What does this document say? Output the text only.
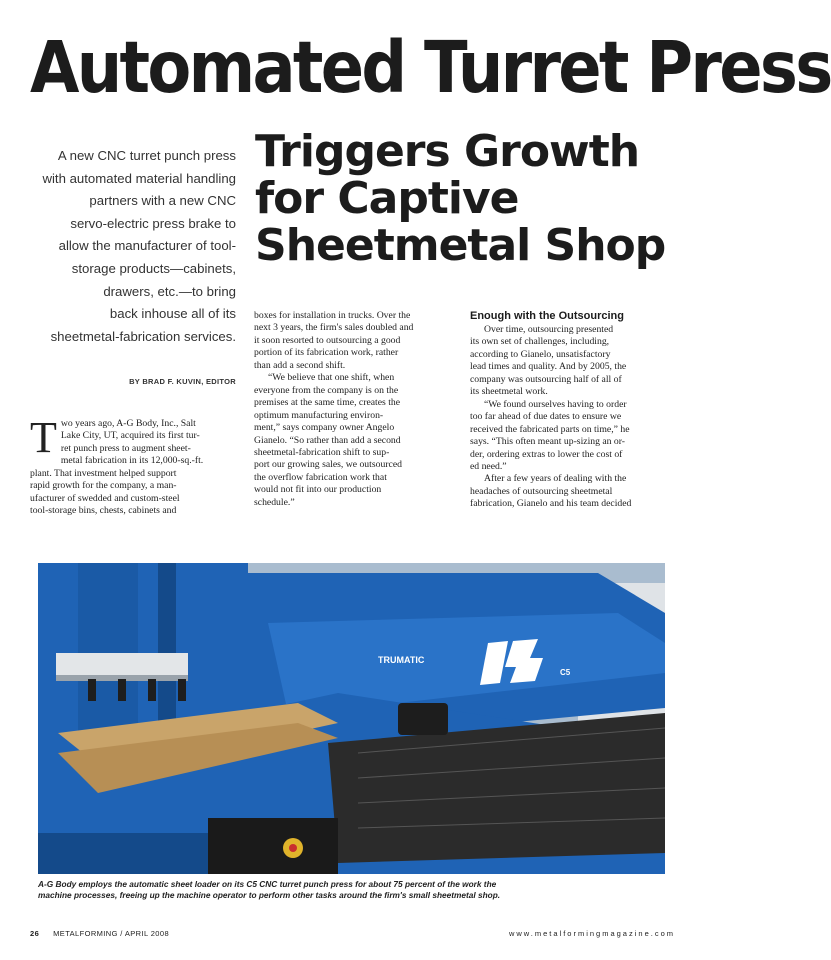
Automated Turret Press
Triggers Growth
for Captive
Sheetmetal Shop
A new CNC turret punch press
with automated material handling
partners with a new CNC
servo-electric press brake to
allow the manufacturer of tool-
storage products—cabinets,
drawers, etc.—to bring
back inhouse all of its
sheetmetal-fabrication services.
BY BRAD F. KUVIN, EDITOR
T wo years ago, A-G Body, Inc., Salt
Lake City, UT, acquired its first tur-
ret punch press to augment sheet-
metal fabrication in its 12,000-sq.-ft.
plant. That investment helped support
rapid growth for the company, a man-
ufacturer of swedded and custom-steel
tool-storage bins, chests, cabinets and
boxes for installation in trucks. Over the
next 3 years, the firm's sales doubled and
it soon resorted to outsourcing a good
portion of its fabrication work, rather
than add a second shift.
“We believe that one shift, when
everyone from the company is on the
premises at the same time, creates the
optimum manufacturing environ-
ment,” says company owner Angelo
Gianelo. “So rather than add a second
sheetmetal-fabrication shift to sup-
port our growing sales, we outsourced
the overflow fabrication work that
would not fit into our production
schedule.”
Enough with the Outsourcing
Over time, outsourcing presented
its own set of challenges, including,
according to Gianelo, unsatisfactory
lead times and quality. And by 2005, the
company was outsourcing half of all of
its sheetmetal work.
“We found ourselves having to order
too far ahead of due dates to ensure we
received the fabricated parts on time,” he
says. “This often meant up-sizing an or-
der, ordering extras to lower the cost of
ed need.”
After a few years of dealing with the
headaches of outsourcing sheetmetal
fabrication, Gianelo and his team decided
TRUMATIC
C5
A-G Body employs the automatic sheet loader on its C5 CNC turret punch press for about 75 percent of the work the
machine processes, freeing up the machine operator to perform other tasks around the firm's small sheetmetal shop.
26 METALFORMING / APRIL 2008	www.metalformingmagazine.com
